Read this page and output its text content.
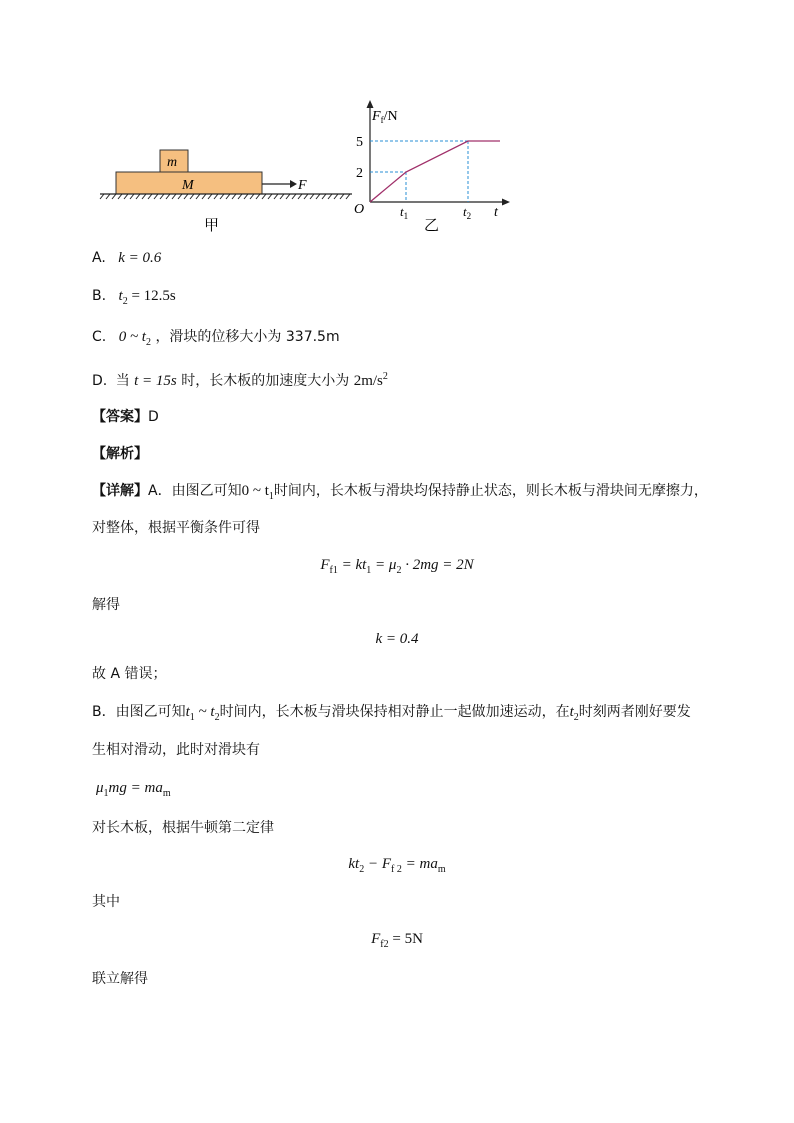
m
M	F
甲
$F_f/N$
5
2
O	$t_1$	$t_2$ t
乙
A. k = 0.6
B. $t_2 = 12.5s$
C. 0 ~ $t_2$ ，滑块的位移大小为 337.5m
D. 当 t = 15s 时，长木板的加速度大小为 $2m/s^2$
【答案】D
【解析】
【详解】A．由图乙可知0 ~ $t_1$时间内，长木板与滑块均保持静止状态，则长木板与滑块间无摩擦力，
对整体，根据平衡条件可得
$F_{f1} = kt_1 = \mu_2 \cdot 2mg = 2N$
解得
k = 0.4
故 A 错误；
B．由图乙可知$t_1$ ~ $t_2$时间内，长木板与滑块保持相对静止一起做加速运动，在$t_2$时刻两者刚好要发
生相对滑动，此时对滑块有
$\mu_1mg = ma_m$
对长木板，根据牛顿第二定律
$kt_2 - F_{f 2} = ma_m$
其中
$F_{f2} = 5N$
联立解得
